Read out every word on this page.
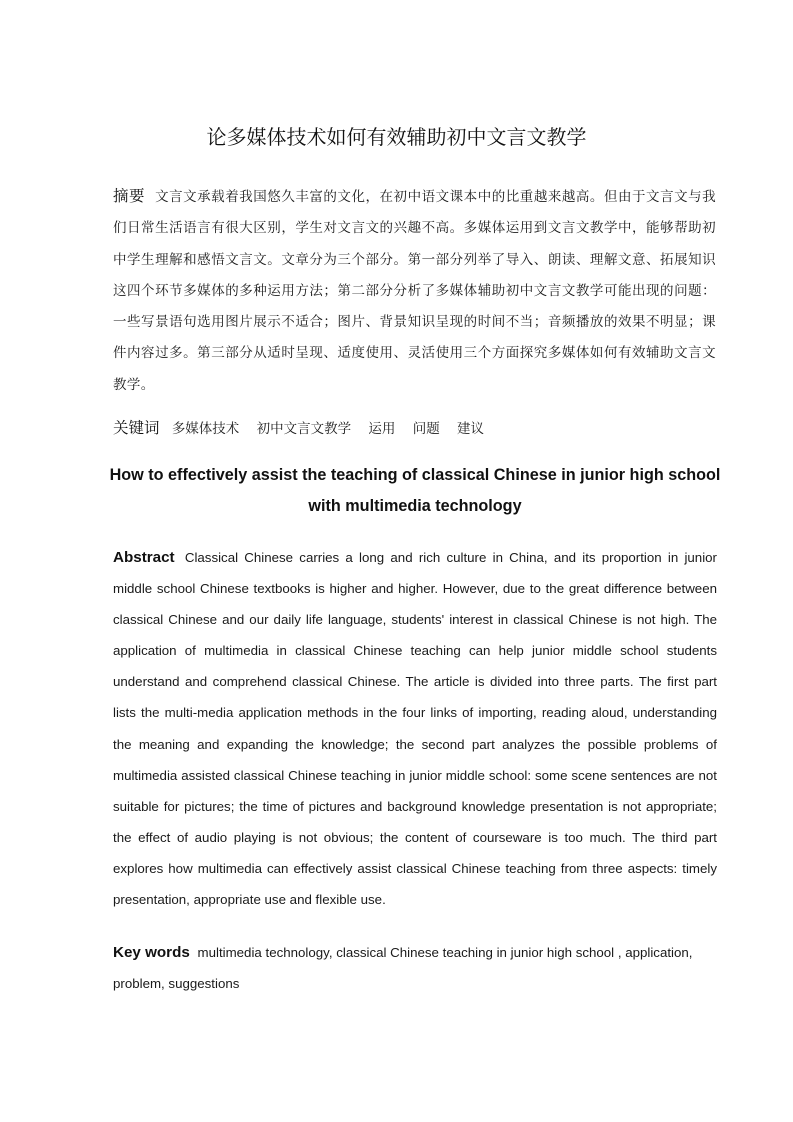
论多媒体技术如何有效辅助初中文言文教学
摘要 文言文承载着我国悠久丰富的文化，在初中语文课本中的比重越来越高。但由于文言文与我们日常生活语言有很大区别，学生对文言文的兴趣不高。多媒体运用到文言文教学中，能够帮助初中学生理解和感悟文言文。文章分为三个部分。第一部分列举了导入、朗读、理解文意、拓展知识这四个环节多媒体的多种运用方法；第二部分分析了多媒体辅助初中文言文教学可能出现的问题：一些写景语句选用图片展示不适合；图片、背景知识呈现的时间不当；音频播放的效果不明显；课件内容过多。第三部分从适时呈现、适度使用、灵活使用三个方面探究多媒体如何有效辅助文言文教学。
关键词 多媒体技术 初中文言文教学 运用 问题 建议
How to effectively assist the teaching of classical Chinese in junior high school with multimedia technology
Abstract Classical Chinese carries a long and rich culture in China, and its proportion in junior middle school Chinese textbooks is higher and higher. However, due to the great difference between classical Chinese and our daily life language, students' interest in classical Chinese is not high. The application of multimedia in classical Chinese teaching can help junior middle school students understand and comprehend classical Chinese. The article is divided into three parts. The first part lists the multi-media application methods in the four links of importing, reading aloud, understanding the meaning and expanding the knowledge; the second part analyzes the possible problems of multimedia assisted classical Chinese teaching in junior middle school: some scene sentences are not suitable for pictures; the time of pictures and background knowledge presentation is not appropriate; the effect of audio playing is not obvious; the content of courseware is too much. The third part explores how multimedia can effectively assist classical Chinese teaching from three aspects: timely presentation, appropriate use and flexible use.
Key words multimedia technology, classical Chinese teaching in junior high school , application, problem, suggestions
